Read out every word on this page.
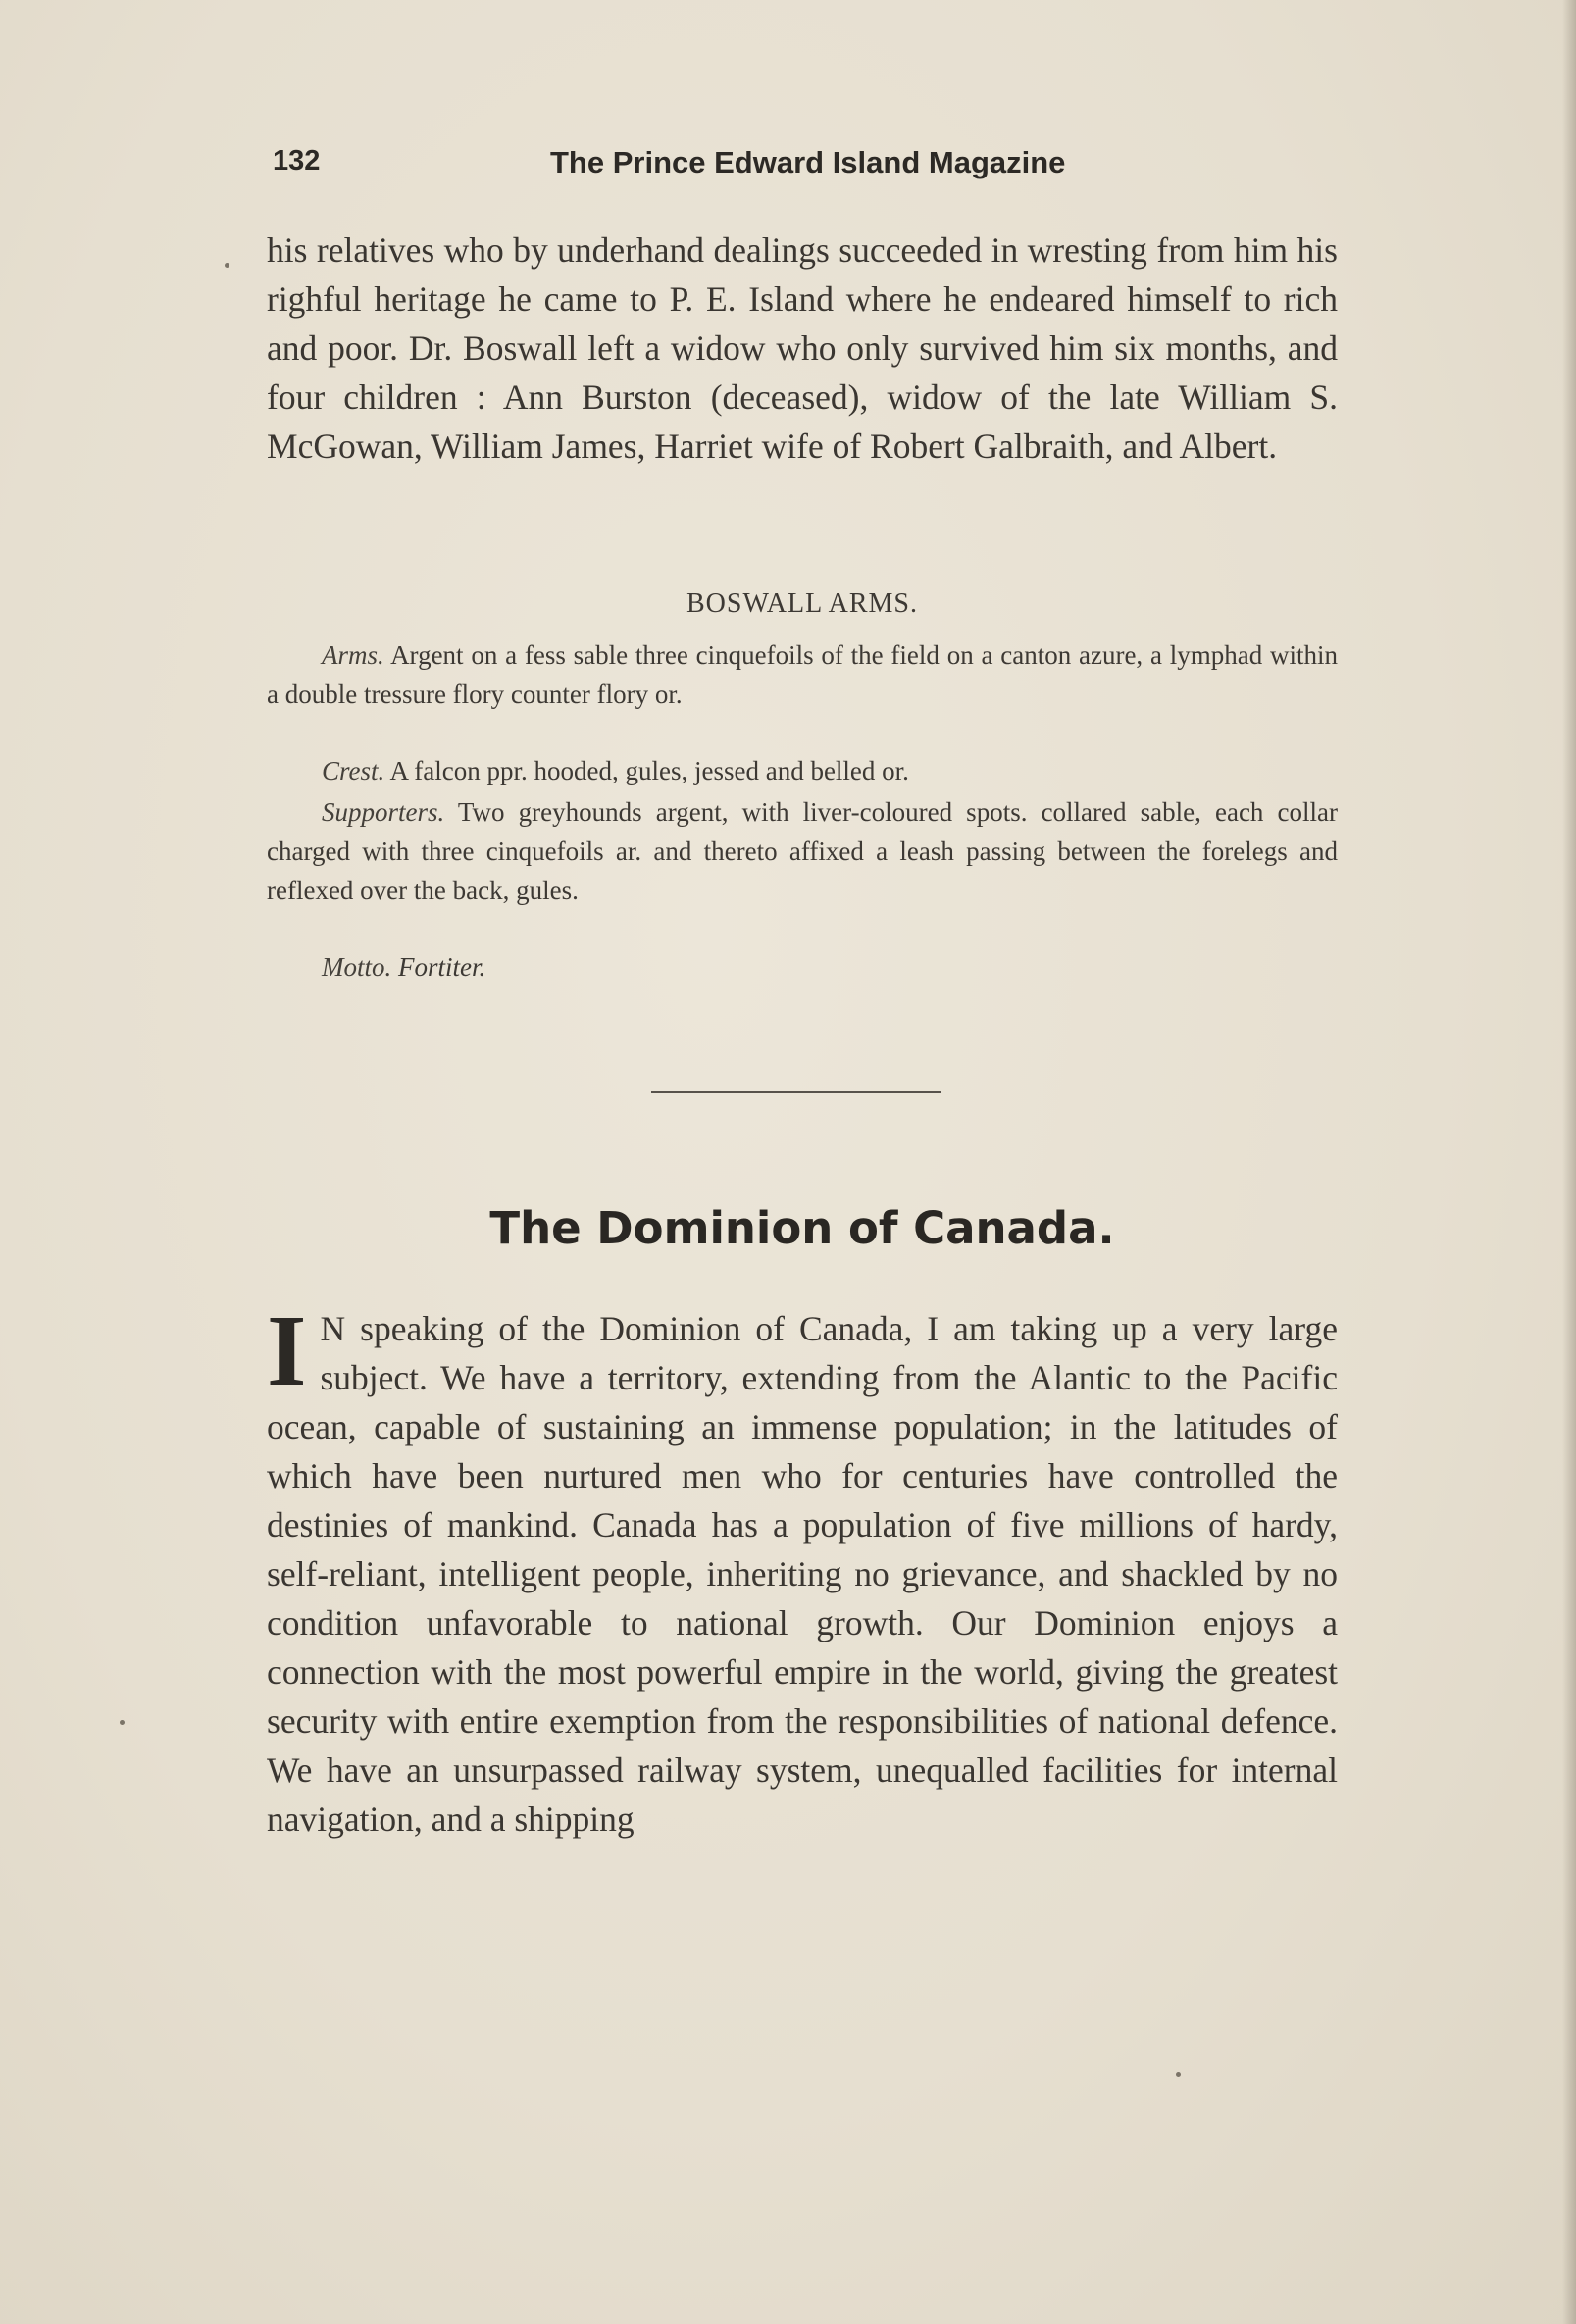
132	The Prince Edward Island Magazine

his relatives who by underhand dealings succeeded in wresting from him his righful heritage he came to P. E. Island where he endeared himself to rich and poor. Dr. Boswall left a widow who only survived him six months, and four children : Ann Burston (deceased), widow of the late William S. McGowan, William James, Harriet wife of Robert Galbraith, and Albert.

BOSWALL ARMS.

Arms. Argent on a fess sable three cinquefoils of the field on a canton azure, a lymphad within a double tressure flory counter flory or.

Crest. A falcon ppr. hooded, gules, jessed and belled or.

Supporters. Two greyhounds argent, with liver-coloured spots. collared sable, each collar charged with three cinquefoils ar. and thereto affixed a leash passing between the forelegs and reflexed over the back, gules.

Motto. Fortiter.

The Dominion of Canada.

I N speaking of the Dominion of Canada, I am taking up a very large subject. We have a territory, extending from the Alantic to the Pacific ocean, capable of sustaining an immense population; in the latitudes of which have been nurtured men who for centuries have controlled the destinies of mankind. Canada has a population of five millions of hardy, self-reliant, intelligent people, inheriting no grievance, and shackled by no condition unfavorable to national growth. Our Dominion enjoys a connection with the most powerful empire in the world, giving the greatest security with entire exemption from the responsibilities of national defence. We have an unsurpassed railway system, unequalled facilities for internal navigation, and a shipping
